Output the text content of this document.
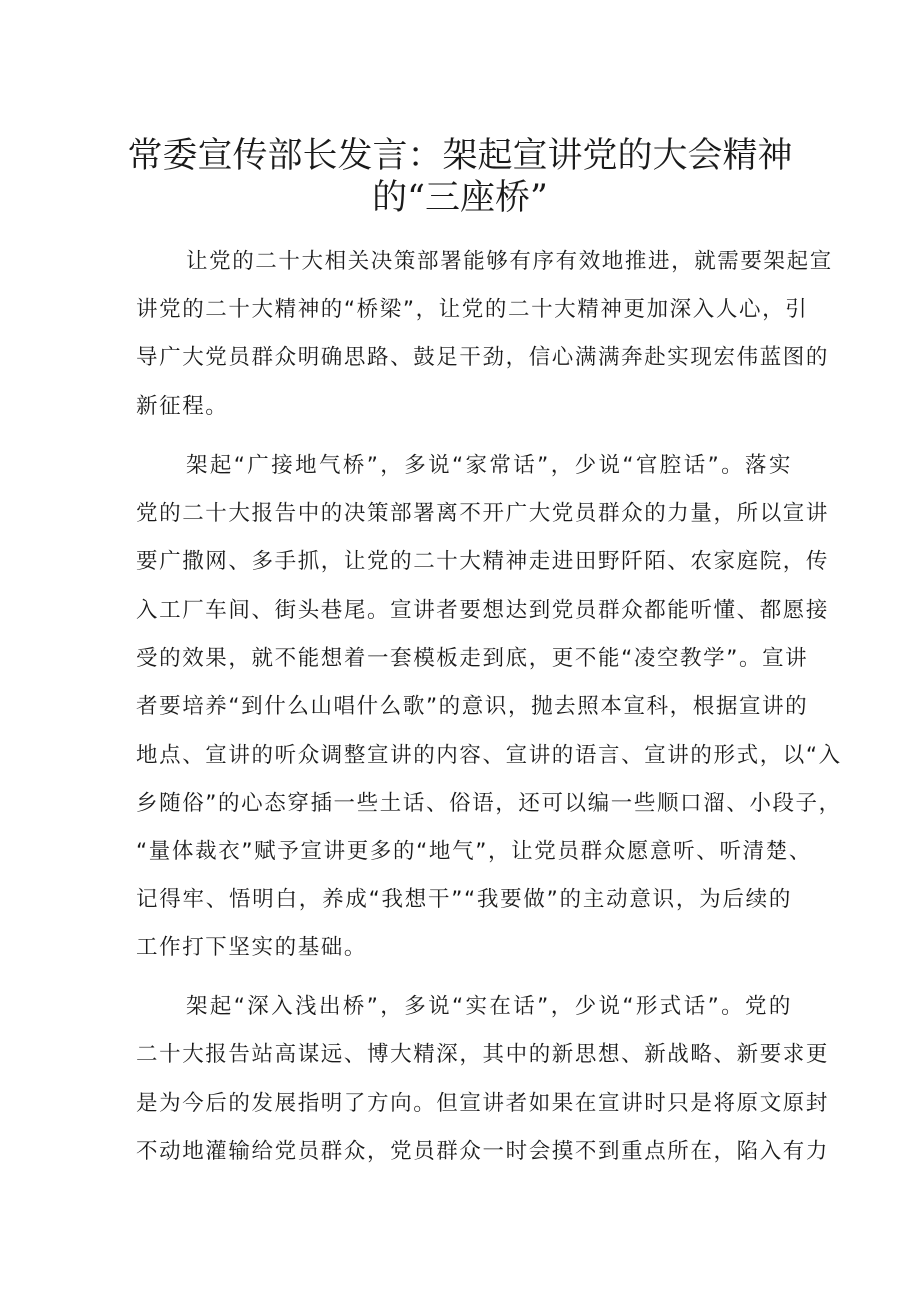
常委宣传部长发言：架起宣讲党的大会精神
的“三座桥”
让党的二十大相关决策部署能够有序有效地推进，就需要架起宣
讲党的二十大精神的“桥梁”，让党的二十大精神更加深入人心，引
导广大党员群众明确思路、鼓足干劲，信心满满奔赴实现宏伟蓝图的
新征程。
架起“广接地气桥”，多说“家常话”，少说“官腔话”。落实
党的二十大报告中的决策部署离不开广大党员群众的力量，所以宣讲
要广撒网、多手抓，让党的二十大精神走进田野阡陌、农家庭院，传
入工厂车间、街头巷尾。宣讲者要想达到党员群众都能听懂、都愿接
受的效果，就不能想着一套模板走到底，更不能“凌空教学”。宣讲
者要培养“到什么山唱什么歌”的意识，抛去照本宣科，根据宣讲的
地点、宣讲的听众调整宣讲的内容、宣讲的语言、宣讲的形式，以“入
乡随俗”的心态穿插一些土话、俗语，还可以编一些顺口溜、小段子，
“量体裁衣”赋予宣讲更多的“地气”，让党员群众愿意听、听清楚、
记得牢、悟明白，养成“我想干”“我要做”的主动意识，为后续的
工作打下坚实的基础。
架起“深入浅出桥”，多说“实在话”，少说“形式话”。党的
二十大报告站高谋远、博大精深，其中的新思想、新战略、新要求更
是为今后的发展指明了方向。但宣讲者如果在宣讲时只是将原文原封
不动地灌输给党员群众，党员群众一时会摸不到重点所在，陷入有力
